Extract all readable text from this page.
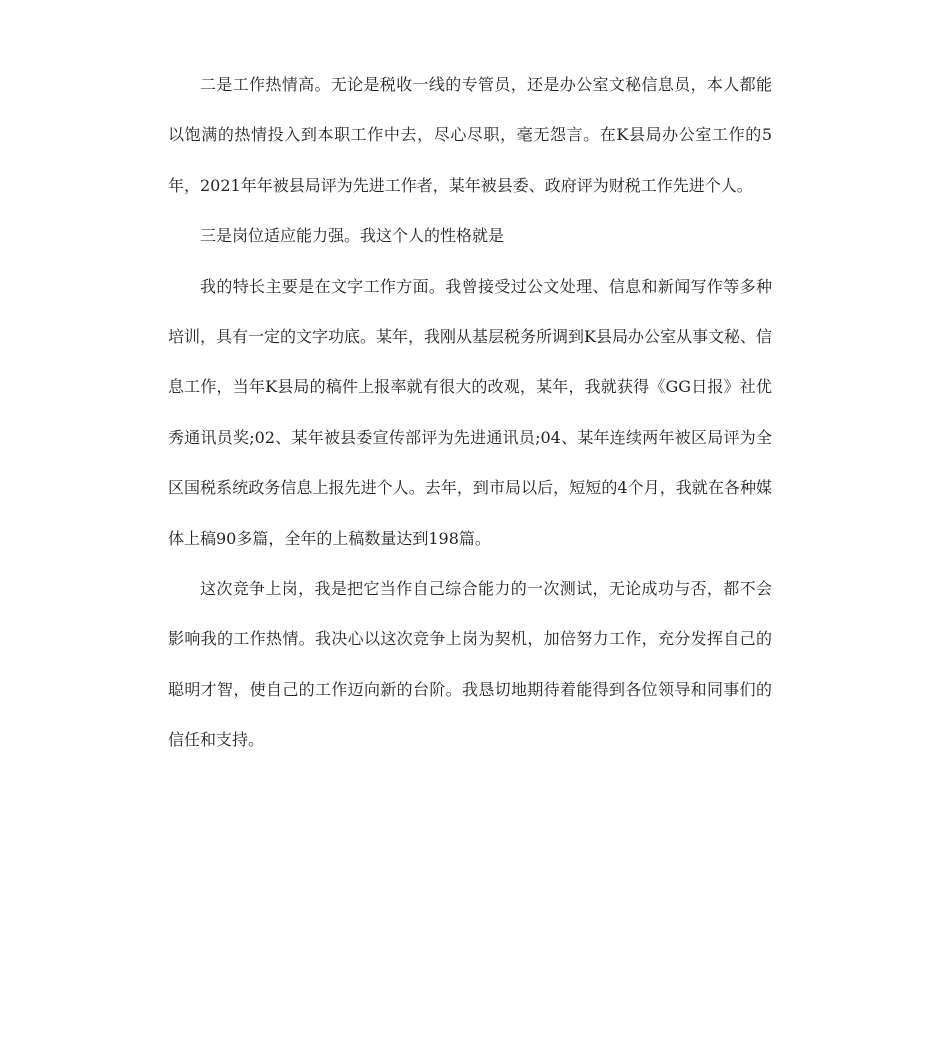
二是工作热情高。无论是税收一线的专管员，还是办公室文秘信息员，本人都能以饱满的热情投入到本职工作中去，尽心尽职，毫无怨言。在K县局办公室工作的5年，2021年年被县局评为先进工作者，某年被县委、政府评为财税工作先进个人。

三是岗位适应能力强。我这个人的性格就是

我的特长主要是在文字工作方面。我曾接受过公文处理、信息和新闻写作等多种培训，具有一定的文字功底。某年，我刚从基层税务所调到K县局办公室从事文秘、信息工作，当年K县局的稿件上报率就有很大的改观，某年，我就获得《GG日报》社优秀通讯员奖;02、某年被县委宣传部评为先进通讯员;04、某年连续两年被区局评为全区国税系统政务信息上报先进个人。去年，到市局以后，短短的4个月，我就在各种媒体上稿90多篇，全年的上稿数量达到198篇。

这次竞争上岗，我是把它当作自己综合能力的一次测试，无论成功与否，都不会影响我的工作热情。我决心以这次竞争上岗为契机，加倍努力工作，充分发挥自己的聪明才智，使自己的工作迈向新的台阶。我恳切地期待着能得到各位领导和同事们的信任和支持。
